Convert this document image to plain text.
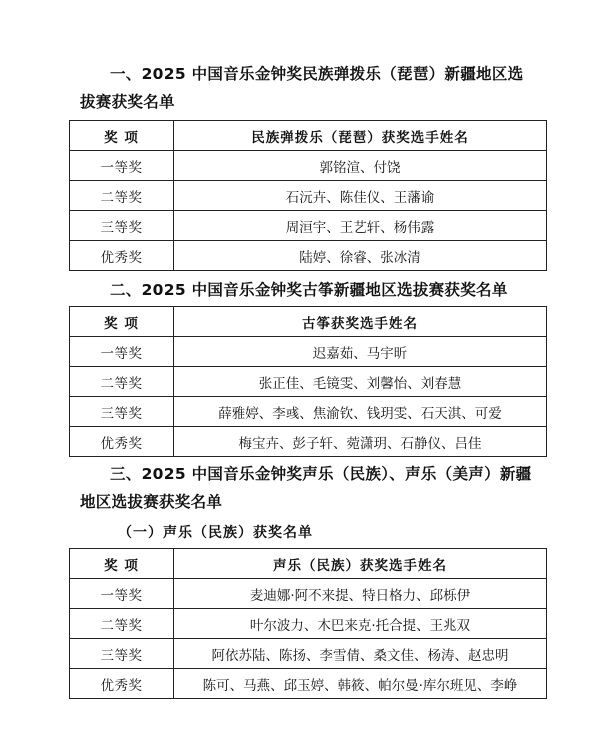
一、2025 中国音乐金钟奖民族弹拨乐（琵琶）新疆地区选
拔赛获奖名单
奖 项	民族弹拨乐（琵琶）获奖选手姓名
一等奖	郭铭渲、付饶
二等奖	石沅卉、陈佳仪、王藩谕
三等奖	周洹宇、王艺轩、杨伟露
优秀奖	陆婷、徐睿、张冰清
二、2025 中国音乐金钟奖古筝新疆地区选拔赛获奖名单
奖 项	古筝获奖选手姓名
一等奖	迟嘉茹、马宇昕
二等奖	张正佳、毛镜雯、刘馨怡、刘春慧
三等奖	薛雅婷、李彧、焦渝钦、钱玥雯、石天淇、可爱
优秀奖	梅宝卉、彭子轩、菀潇玥、石静仪、吕佳
三、2025 中国音乐金钟奖声乐（民族）、声乐（美声）新疆
地区选拔赛获奖名单
（一）声乐（民族）获奖名单
奖 项	声乐（民族）获奖选手姓名
一等奖	麦迪娜·阿不来提、特日格力、邱栎伊
二等奖	叶尔波力、木巴来克·托合提、王兆双
三等奖	阿依苏陆、陈扬、李雪倩、桑文佳、杨涛、赵忠明
优秀奖	陈可、马燕、邱玉婷、韩筱、帕尔曼·库尔班见、李峥
